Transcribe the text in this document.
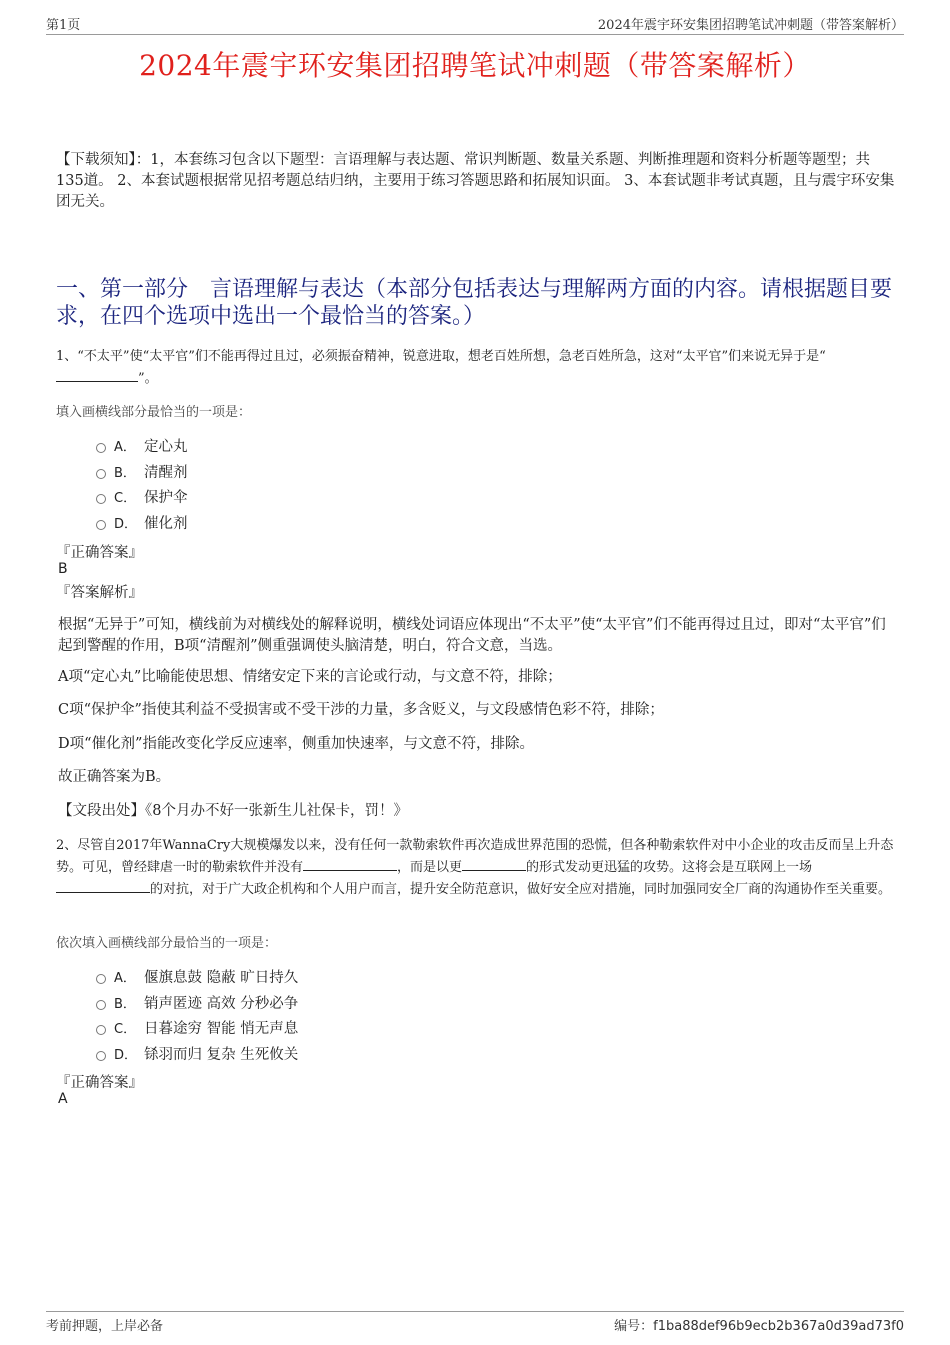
第1页	2024年震宇环安集团招聘笔试冲刺题（带答案解析）
2024年震宇环安集团招聘笔试冲刺题（带答案解析）
【下载须知】：1，本套练习包含以下题型：言语理解与表达题、常识判断题、数量关系题、判断推理题和资料分析题等题型；共135道。 2、本套试题根据常见招考题总结归纳，主要用于练习答题思路和拓展知识面。 3、本套试题非考试真题，且与震宇环安集团无关。
一、第一部分　言语理解与表达（本部分包括表达与理解两方面的内容。请根据题目要求，在四个选项中选出一个最恰当的答案。）
1、“不太平”使“太平官”们不能再得过且过，必须振奋精神，锐意进取，想老百姓所想，急老百姓所急，这对“太平官”们来说无异于是“
”。
填入画横线部分最恰当的一项是：
A． 定心丸
B． 清醒剂
C． 保护伞
D． 催化剂
『正确答案』
B
『答案解析』
根据“无异于”可知，横线前为对横线处的解释说明，横线处词语应体现出“不太平”使“太平官”们不能再得过且过，即对“太平官”们起到警醒的作用，B项“清醒剂”侧重强调使头脑清楚，明白，符合文意，当选。
A项“定心丸”比喻能使思想、情绪安定下来的言论或行动，与文意不符，排除；
C项“保护伞”指使其利益不受损害或不受干涉的力量，多含贬义，与文段感情色彩不符，排除；
D项“催化剂”指能改变化学反应速率，侧重加快速率，与文意不符，排除。
故正确答案为B。
【文段出处】《8个月办不好一张新生儿社保卡，罚！》
2、尽管自2017年WannaCry大规模爆发以来，没有任何一款勒索软件再次造成世界范围的恐慌，但各种勒索软件对中小企业的攻击反而呈上升态势。可见，曾经肆虐一时的勒索软件并没有	，而是以更	的形式发动更迅猛的攻势。这将会是互联网上一场
的对抗，对于广大政企机构和个人用户而言，提升安全防范意识，做好安全应对措施，同时加强同安全厂商的沟通协作至关重要。
依次填入画横线部分最恰当的一项是：
A． 偃旗息鼓 隐蔽 旷日持久
B． 销声匿迹 高效 分秒必争
C． 日暮途穷 智能 悄无声息
D． 铩羽而归 复杂 生死攸关
『正确答案』
A
考前押题，上岸必备	编号：f1ba88def96b9ecb2b367a0d39ad73f0
